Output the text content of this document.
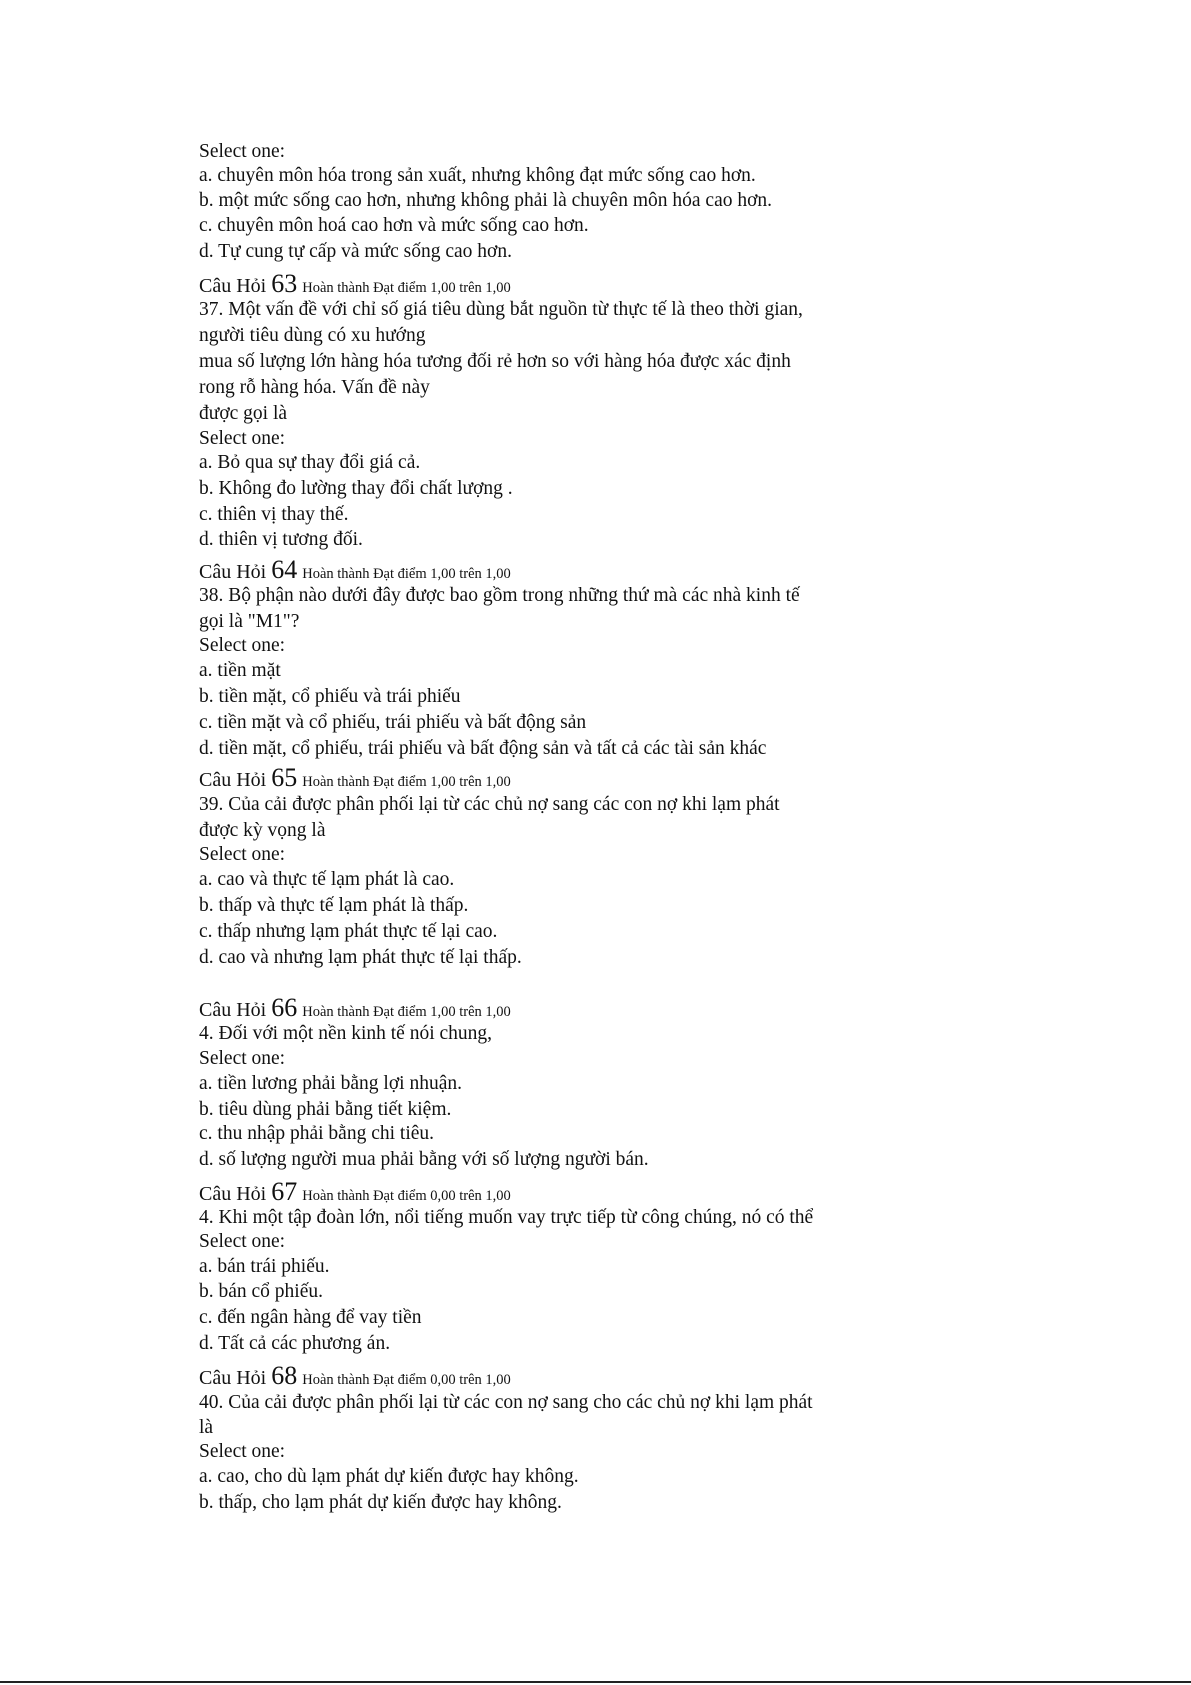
Select one:
a. chuyên môn hóa trong sản xuất, nhưng không đạt mức sống cao hơn.
b. một mức sống cao hơn, nhưng không phải là chuyên môn hóa cao hơn.
c. chuyên môn hoá cao hơn và mức sống cao hơn.
d. Tự cung tự cấp và mức sống cao hơn.
Câu Hỏi 63 Hoàn thành Đạt điểm 1,00 trên 1,00
37. Một vấn đề với chỉ số giá tiêu dùng bắt nguồn từ thực tế là theo thời gian,
người tiêu dùng có xu hướng
mua số lượng lớn hàng hóa tương đối rẻ hơn so với hàng hóa được xác định
rong rỗ hàng hóa. Vấn đề này
được gọi là
Select one:
a. Bỏ qua sự thay đổi giá cả.
b. Không đo lường thay đổi chất lượng .
c. thiên vị thay thế.
d. thiên vị tương đối.
Câu Hỏi 64 Hoàn thành Đạt điểm 1,00 trên 1,00
38. Bộ phận nào dưới đây được bao gồm trong những thứ mà các nhà kinh tế
gọi là "M1"?
Select one:
a. tiền mặt
b. tiền mặt, cổ phiếu và trái phiếu
c. tiền mặt và cổ phiếu, trái phiếu và bất động sản
d. tiền mặt, cổ phiếu, trái phiếu và bất động sản và tất cả các tài sản khác
Câu Hỏi 65 Hoàn thành Đạt điểm 1,00 trên 1,00
39. Của cải được phân phối lại từ các chủ nợ sang các con nợ khi lạm phát
được kỳ vọng là
Select one:
a. cao và thực tế lạm phát là cao.
b. thấp và thực tế lạm phát là thấp.
c. thấp nhưng lạm phát thực tế lại cao.
d. cao và nhưng lạm phát thực tế lại thấp.
Câu Hỏi 66 Hoàn thành Đạt điểm 1,00 trên 1,00
4. Đối với một nền kinh tế nói chung,
Select one:
a. tiền lương phải bằng lợi nhuận.
b. tiêu dùng phải bằng tiết kiệm.
c. thu nhập phải bằng chi tiêu.
d. số lượng người mua phải bằng với số lượng người bán.
Câu Hỏi 67 Hoàn thành Đạt điểm 0,00 trên 1,00
4. Khi một tập đoàn lớn, nổi tiếng muốn vay trực tiếp từ công chúng, nó có thể
Select one:
a. bán trái phiếu.
b. bán cổ phiếu.
c. đến ngân hàng để vay tiền
d. Tất cả các phương án.
Câu Hỏi 68 Hoàn thành Đạt điểm 0,00 trên 1,00
40. Của cải được phân phối lại từ các con nợ sang cho các chủ nợ khi lạm phát
là
Select one:
a. cao, cho dù lạm phát dự kiến được hay không.
b. thấp, cho lạm phát dự kiến được hay không.
